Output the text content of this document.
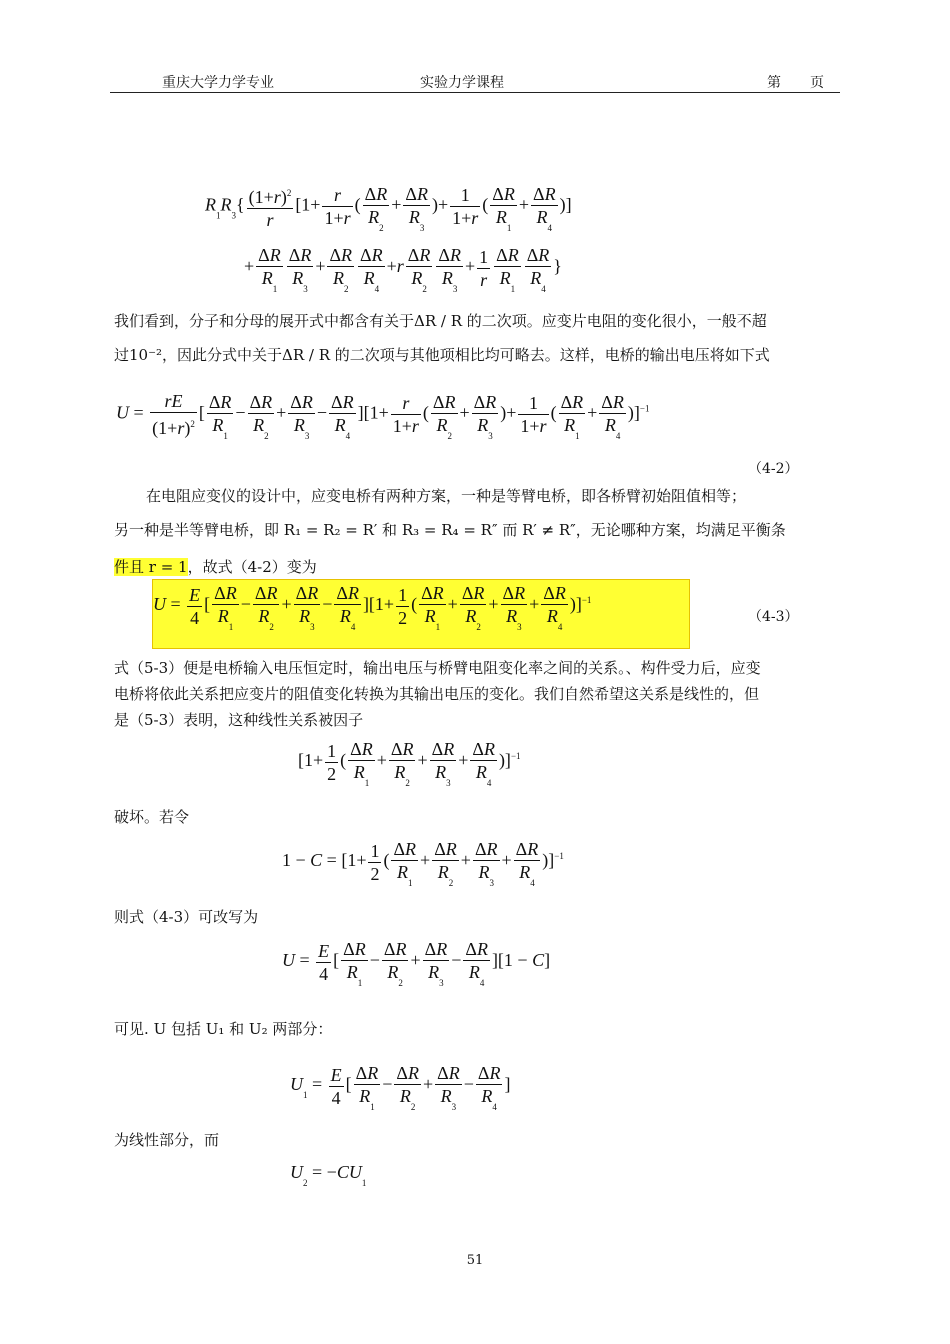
重庆大学力学专业	实验力学课程	第 页
$R_1R_3\{ \frac{(1+r)^2}{r} [1+ \frac{r}{1+r}$ ( $\frac{\Delta R}{R_2} + \frac{\Delta R}{R_3}$ )+ $\frac{1}{1+r}$ ( $\frac{\Delta R}{R_1} + \frac{\Delta R}{R_4}$ )]
+ $\frac{\Delta R}{R_1} \frac{\Delta R}{R_3} + \frac{\Delta R}{R_2} \frac{\Delta R}{R_4} +r \frac{\Delta R}{R_2} \frac{\Delta R}{R_3} + \frac{1}{r} \frac{\Delta R}{R_1} \frac{\Delta R}{R_4}$ }
我们看到，分子和分母的展开式中都含有关于ΔR / R 的二次项。应变片电阻的变化很小，一般不超
过10⁻²，因此分式中关于ΔR / R 的二次项与其他项相比均可略去。这样，电桥的输出电压将如下式
$U = \frac{rE}{(1+r)^2}$ [ $\frac{\Delta R}{R_1} - \frac{\Delta R}{R_2} + \frac{\Delta R}{R_3} - \frac{\Delta R}{R_4} ][1+ \frac{r}{1+r}$ ( $\frac{\Delta R}{R_2} + \frac{\Delta R}{R_3}$ )+ $\frac{1}{1+r}$ ( $\frac{\Delta R}{R_1} + \frac{\Delta R}{R_4} )]^{-1}$
（4-2）
在电阻应变仪的设计中，应变电桥有两种方案，一种是等臂电桥，即各桥臂初始阻值相等；
另一种是半等臂电桥，即 R₁ = R₂ = R′ 和 R₃ = R₄ = R″ 而 R′ ≠ R″，无论哪种方案，均满足平衡条
件且 r = 1，故式（4-2）变为
$U = \frac{E}{4}$ [ $\frac{\Delta R}{R_1} - \frac{\Delta R}{R_2} + \frac{\Delta R}{R_3} - \frac{\Delta R}{R_4} ][1+ \frac{1}{2}$ ( $\frac{\Delta R}{R_1} + \frac{\Delta R}{R_2} + \frac{\Delta R}{R_3} + \frac{\Delta R}{R_4} )]^{-1}$
（4-3）
式（5-3）便是电桥输入电压恒定时，输出电压与桥臂电阻变化率之间的关系。、构件受力后，应变
电桥将依此关系把应变片的阻值变化转换为其输出电压的变化。我们自然希望这关系是线性的，但
是（5-3）表明，这种线性关系被因子
[$1+ \frac{1}{2}$ ( $\frac{\Delta R}{R_1} + \frac{\Delta R}{R_2} + \frac{\Delta R}{R_3} + \frac{\Delta R}{R_4} )]^{-1}$
破坏。若令
$1 - C = [1+ \frac{1}{2}$ ( $\frac{\Delta R}{R_1} + \frac{\Delta R}{R_2} + \frac{\Delta R}{R_3} + \frac{\Delta R}{R_4} )]^{-1}$
则式（4-3）可改写为
$U = \frac{E}{4}$ [ $\frac{\Delta R}{R_1} - \frac{\Delta R}{R_2} + \frac{\Delta R}{R_3} - \frac{\Delta R}{R_4} ][1 - C]$
可见. U 包括 U₁ 和 U₂ 两部分：
$U_1 = \frac{E}{4}$ [ $\frac{\Delta R}{R_1} - \frac{\Delta R}{R_2} + \frac{\Delta R}{R_3} - \frac{\Delta R}{R_4}$ ]
为线性部分，而
$U_2 = -CU_1$
51
